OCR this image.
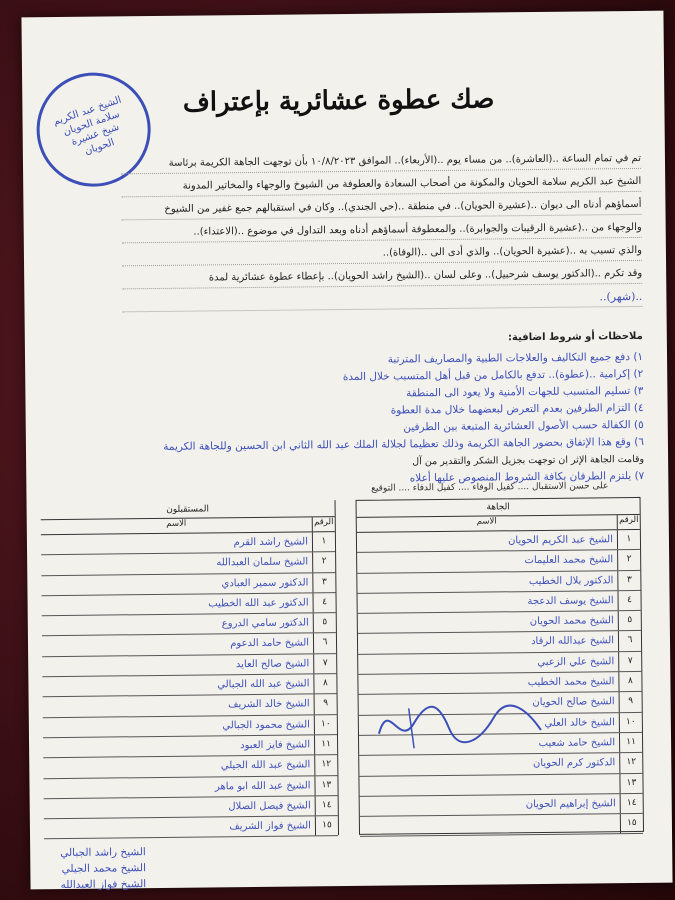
الشيخ عبد الكريم سلامة الحويان شيخ عشيرة الحويان
صك عطوة عشائرية بإعتراف
تم في تمام الساعة ..(العاشرة).. من مساء يوم ..(الأربعاء).. الموافق ١٠/٨/٢٠٢٣ بأن توجهت الجاهة الكريمة برئاسة
الشيخ عبد الكريم سلامة الحويان والمكونة من أصحاب السعادة والعطوفة من الشيوخ والوجهاء والمخاتير المدونة
أسماؤهم أدناه الى ديوان ..(عشيرة الحويان).. في منطقة ..(حي الجندي).. وكان في استقبالهم جمع غفير من الشيوخ
والوجهاء من ..(عشيرة الرقيبات والجوابرة).. والمعطوفة أسماؤهم أدناه وبعد التداول في موضوع ..(الاعتداء)..
والذي تسبب به ..(عشيرة الحويان).. والذي أدى الى ..(الوفاة)..
وقد تكرم ..(الدكتور يوسف شرحبيل).. وعلى لسان ..(الشيخ راشد الحويان).. بإعطاء عطوة عشائرية لمدة
..(شهر)..
ملاحظات أو شروط اضافية:
١) دفع جميع التكاليف والعلاجات الطبية والمصاريف المترتبة
٢) إكرامية ..(عطوة).. تدفع بالكامل من قبل أهل المتسبب خلال المدة
٣) تسليم المتسبب للجهات الأمنية ولا يعود الى المنطقة
٤) التزام الطرفين بعدم التعرض لبعضهما خلال مدة العطوة
٥) الكفالة حسب الأصول العشائرية المتبعة بين الطرفين
٦) وقع هذا الإتفاق بحضور الجاهة الكريمة وذلك تعظيما لجلالة الملك عبد الله الثاني ابن الحسين وللجاهة الكريمة
وقامت الجاهة الإثر ان توجهت بجزيل الشكر والتقدير من آل
٧) يلتزم الطرفان بكافة الشروط المنصوص عليها أعلاه
على حسن الاستقبال .... كفيل الوفاء .... كفيل الدفاء .... التوقيع
الجاهة
الرقم
الاسم
١
الشيخ عبد الكريم الحويان
٢
الشيخ محمد العليمات
٣
الدكتور بلال الخطيب
٤
الشيخ يوسف الدعجة
٥
الشيخ محمد الحويان
٦
الشيخ عبدالله الرقاد
٧
الشيخ علي الزعبي
٨
الشيخ محمد الخطيب
٩
الشيخ صالح الحويان
١٠
الشيخ خالد العلي
١١
الشيخ حامد شعيب
١٢
الدكتور كرم الحويان
١٣
١٤
الشيخ إبراهيم الحويان
١٥
المستقبلون
الرقم
الاسم
١
الشيخ راشد القرم
٢
الشيخ سلمان العبدالله
٣
الدكتور سمير العبادي
٤
الدكتور عبد الله الخطيب
٥
الدكتور سامي الدروع
٦
الشيخ حامد الدعوم
٧
الشيخ صالح العايد
٨
الشيخ عبد الله الجبالي
٩
الشيخ خالد الشريف
١٠
الشيخ محمود الجبالي
١١
الشيخ فايز العبود
١٢
الشيخ عبد الله الجيلي
١٣
الشيخ عبد الله ابو ماهر
١٤
الشيخ فيصل الصلال
١٥
الشيخ فواز الشريف
الشيخ راشد الجبالي
الشيخ محمد الجيلي
الشيخ فواز العبدالله
